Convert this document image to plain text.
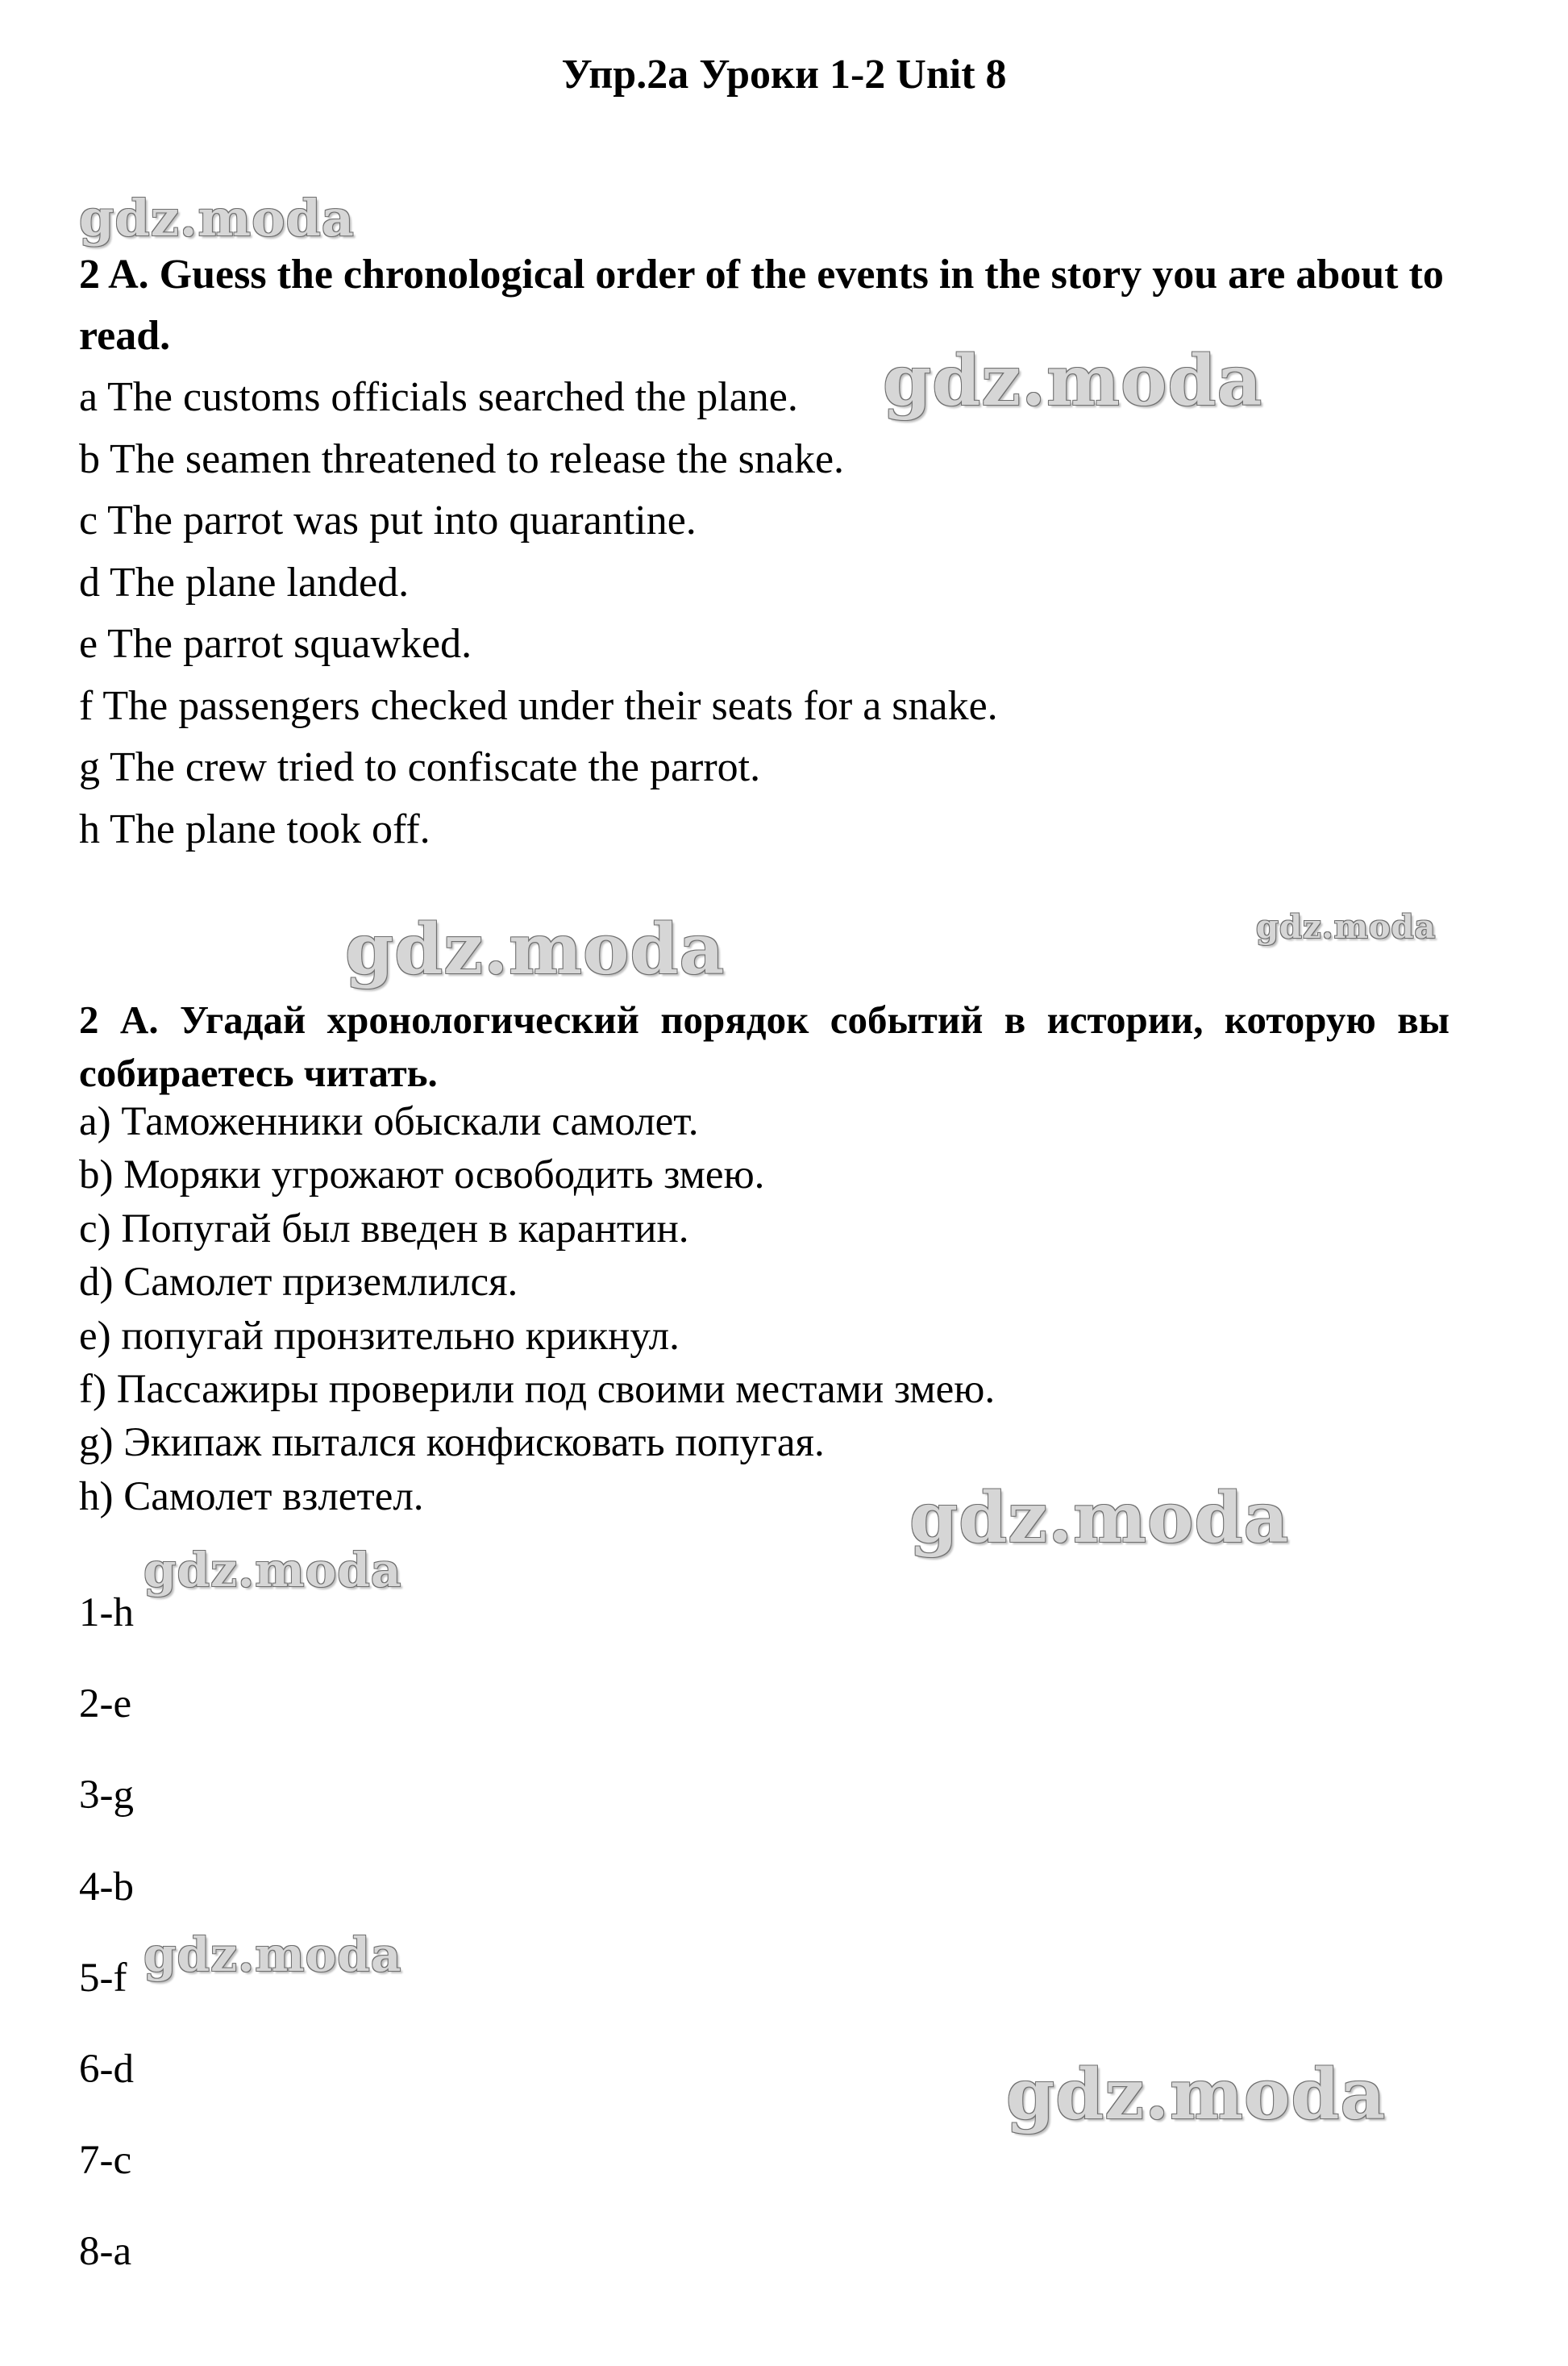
Упр.2а Уроки 1-2 Unit 8
2 A. Guess the chronological order of the events in the story you are about to read.
a The customs officials searched the plane.
b The seamen threatened to release the snake.
c The parrot was put into quarantine.
d The plane landed.
e The parrot squawked.
f The passengers checked under their seats for a snake.
g The crew tried to confiscate the parrot.
h The plane took off.
2 А. Угадай хронологический порядок событий в истории, которую вы собираетесь читать.
a) Таможенники обыскали самолет.
b) Моряки угрожают освободить змею.
c) Попугай был введен в карантин.
d) Самолет приземлился.
e) попугай пронзительно крикнул.
f) Пассажиры проверили под своими местами змею.
g) Экипаж пытался конфисковать попугая.
h) Самолет взлетел.
1-h
2-e
3-g
4-b
5-f
6-d
7-c
8-a
gdz.moda
gdz.moda
gdz.moda	gdz.moda
gdz.moda
gdz.moda
gdz.moda
gdz.moda
